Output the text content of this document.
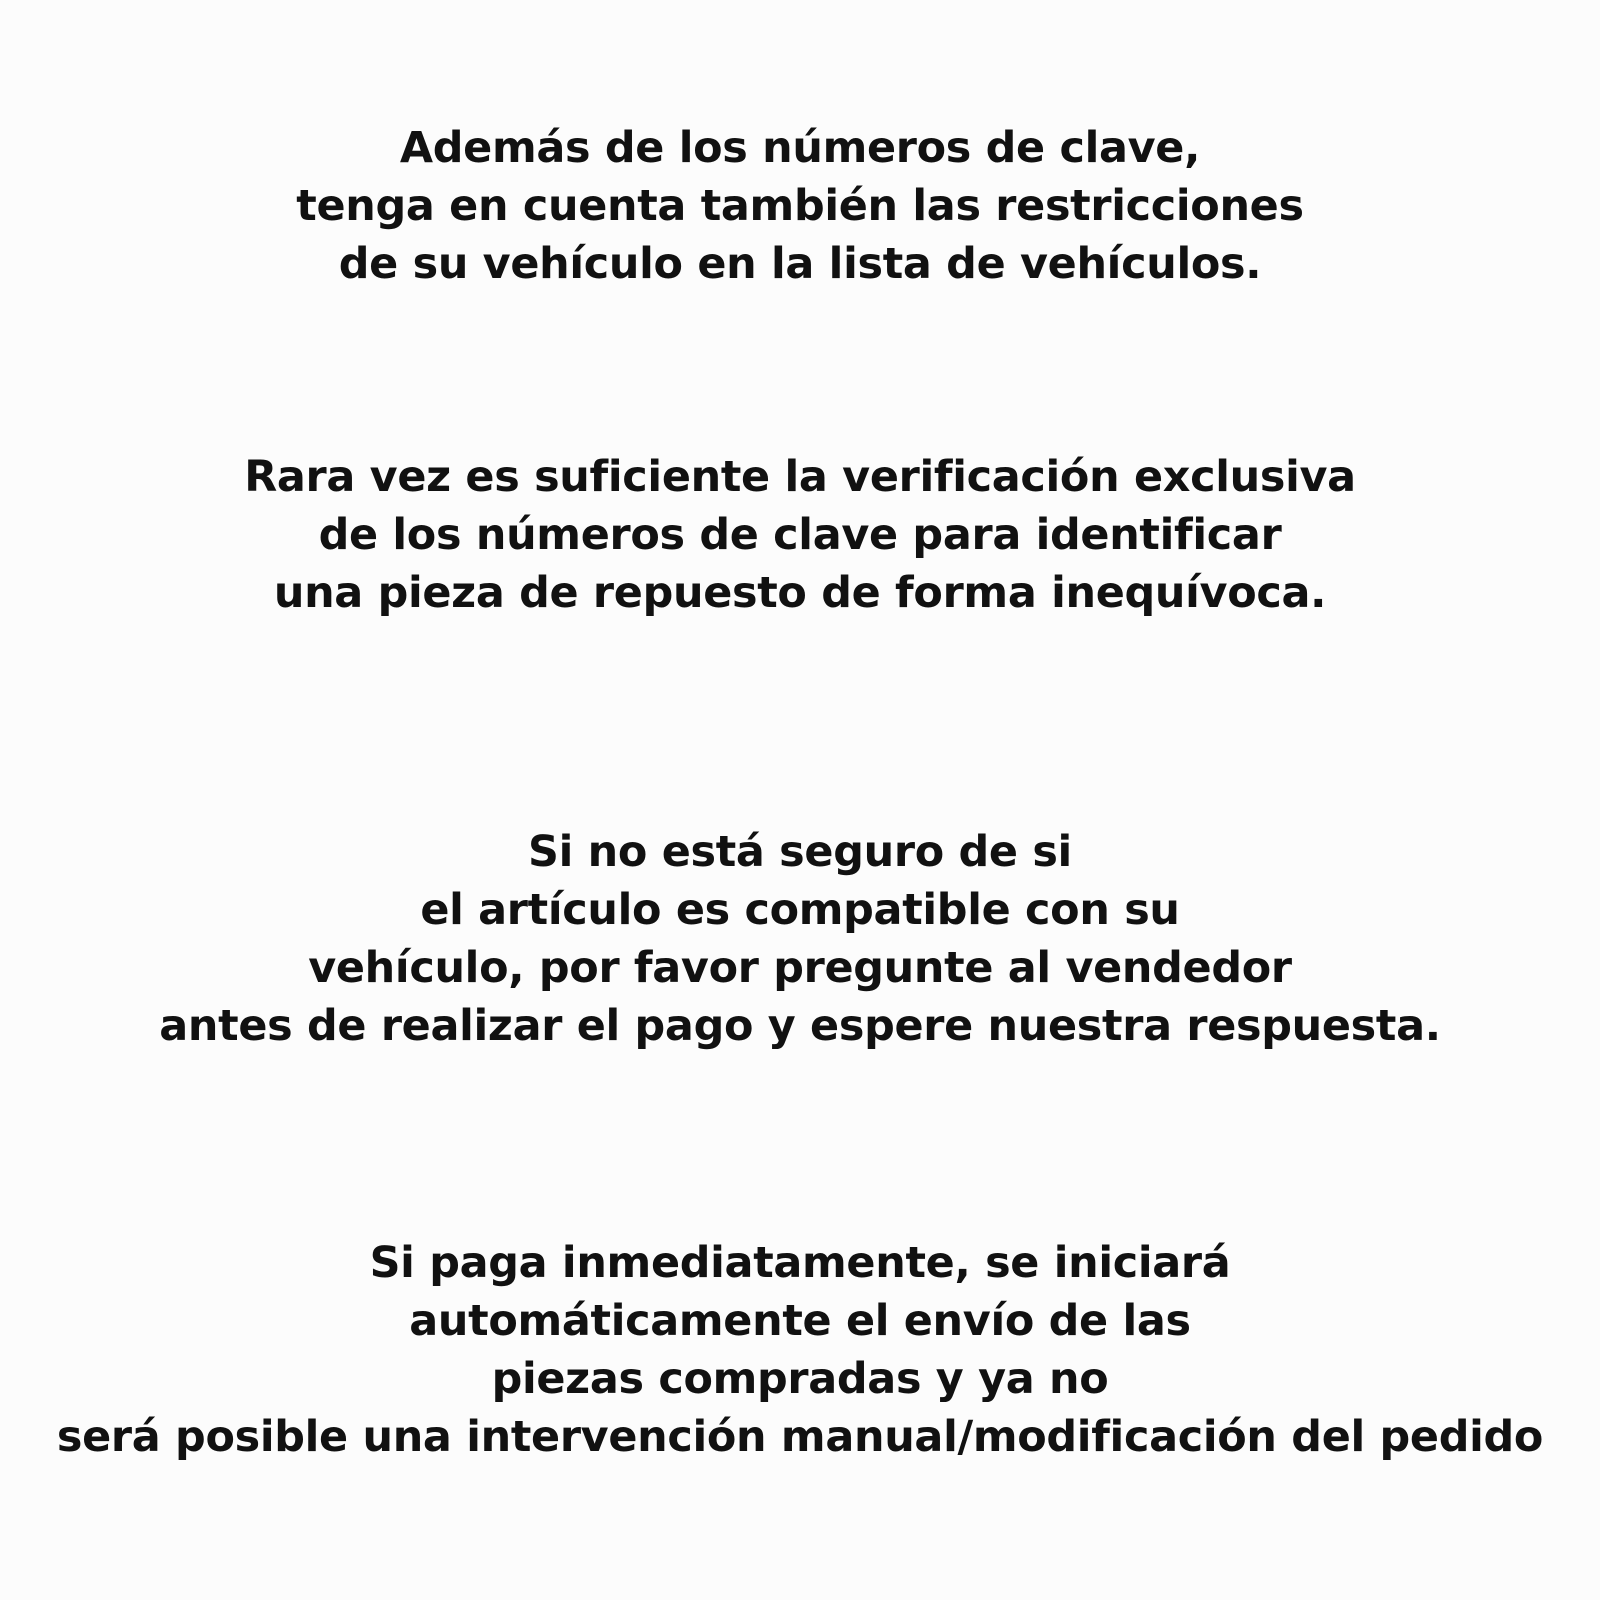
Además de los números de clave,
tenga en cuenta también las restricciones
de su vehículo en la lista de vehículos.

Rara vez es suficiente la verificación exclusiva
de los números de clave para identificar
una pieza de repuesto de forma inequívoca.

Si no está seguro de si
el artículo es compatible con su
vehículo, por favor pregunte al vendedor
antes de realizar el pago y espere nuestra respuesta.

Si paga inmediatamente, se iniciará
automáticamente el envío de las
piezas compradas y ya no
será posible una intervención manual/modificación del pedido
